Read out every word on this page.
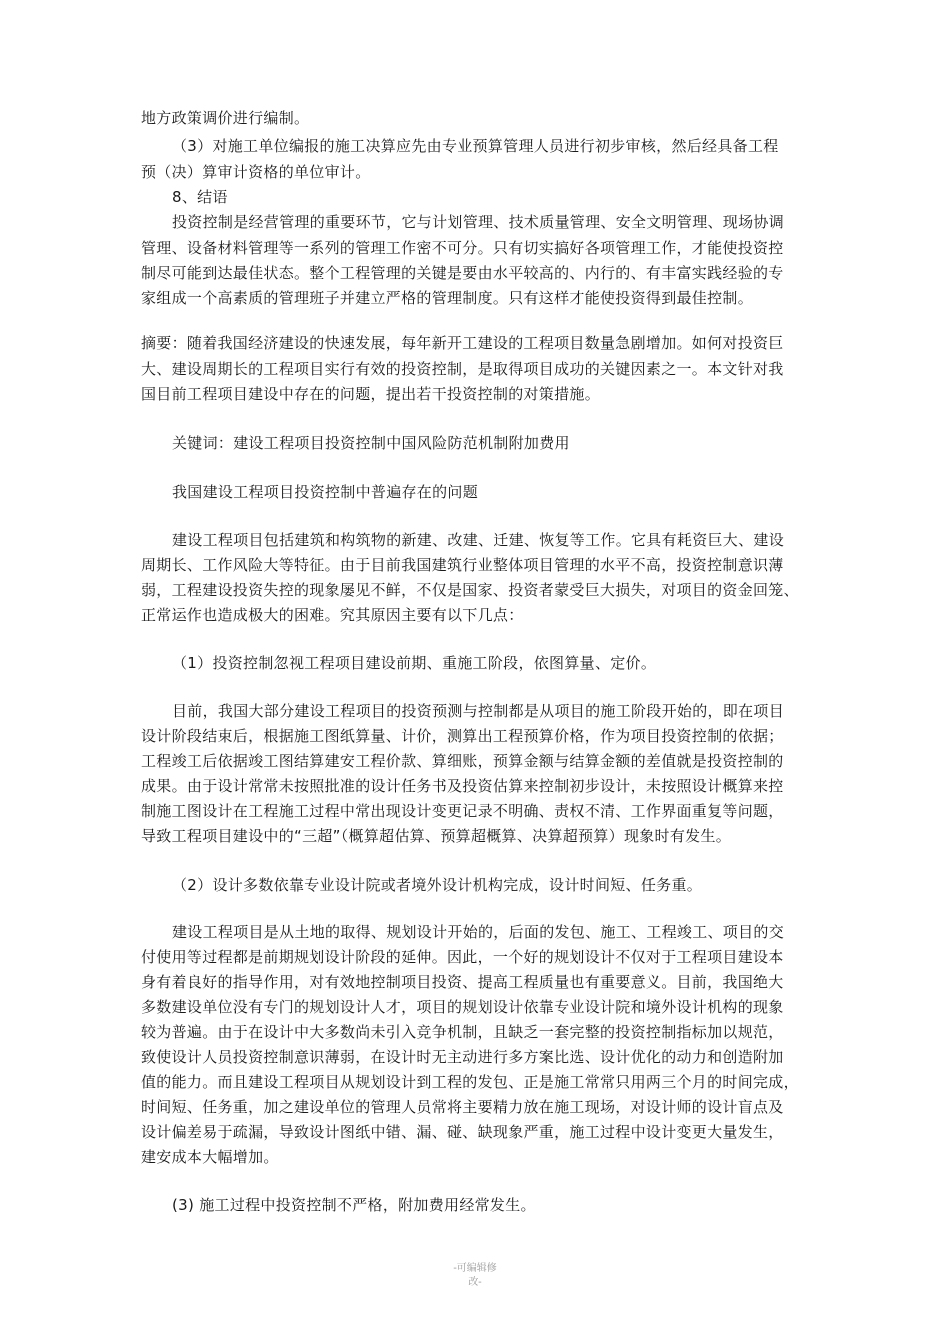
地方政策调价进行编制。
（3）对施工单位编报的施工决算应先由专业预算管理人员进行初步审核，然后经具备工程
预（决）算审计资格的单位审计。
8、结语
投资控制是经营管理的重要环节，它与计划管理、技术质量管理、安全文明管理、现场协调
管理、设备材料管理等一系列的管理工作密不可分。只有切实搞好各项管理工作，才能使投资控
制尽可能到达最佳状态。整个工程管理的关键是要由水平较高的、内行的、有丰富实践经验的专
家组成一个高素质的管理班子并建立严格的管理制度。只有这样才能使投资得到最佳控制。
摘要：随着我国经济建设的快速发展，每年新开工建设的工程项目数量急剧增加。如何对投资巨
大、建设周期长的工程项目实行有效的投资控制，是取得项目成功的关键因素之一。本文针对我
国目前工程项目建设中存在的问题，提出若干投资控制的对策措施。
关键词：建设工程项目投资控制中国风险防范机制附加费用
我国建设工程项目投资控制中普遍存在的问题
建设工程项目包括建筑和构筑物的新建、改建、迁建、恢复等工作。它具有耗资巨大、建设
周期长、工作风险大等特征。由于目前我国建筑行业整体项目管理的水平不高，投资控制意识薄
弱，工程建设投资失控的现象屡见不鲜，不仅是国家、投资者蒙受巨大损失，对项目的资金回笼、
正常运作也造成极大的困难。究其原因主要有以下几点：
（1）投资控制忽视工程项目建设前期、重施工阶段，依图算量、定价。
目前，我国大部分建设工程项目的投资预测与控制都是从项目的施工阶段开始的，即在项目
设计阶段结束后，根据施工图纸算量、计价，测算出工程预算价格，作为项目投资控制的依据；
工程竣工后依据竣工图结算建安工程价款、算细账，预算金额与结算金额的差值就是投资控制的
成果。由于设计常常未按照批准的设计任务书及投资估算来控制初步设计，未按照设计概算来控
制施工图设计在工程施工过程中常出现设计变更记录不明确、责权不清、工作界面重复等问题，
导致工程项目建设中的“三超”（概算超估算、预算超概算、决算超预算）现象时有发生。
（2）设计多数依靠专业设计院或者境外设计机构完成，设计时间短、任务重。
建设工程项目是从土地的取得、规划设计开始的，后面的发包、施工、工程竣工、项目的交
付使用等过程都是前期规划设计阶段的延伸。因此，一个好的规划设计不仅对于工程项目建设本
身有着良好的指导作用，对有效地控制项目投资、提高工程质量也有重要意义。目前，我国绝大
多数建设单位没有专门的规划设计人才，项目的规划设计依靠专业设计院和境外设计机构的现象
较为普遍。由于在设计中大多数尚未引入竞争机制，且缺乏一套完整的投资控制指标加以规范，
致使设计人员投资控制意识薄弱，在设计时无主动进行多方案比选、设计优化的动力和创造附加
值的能力。而且建设工程项目从规划设计到工程的发包、正是施工常常只用两三个月的时间完成，
时间短、任务重，加之建设单位的管理人员常将主要精力放在施工现场，对设计师的设计盲点及
设计偏差易于疏漏，导致设计图纸中错、漏、碰、缺现象严重，施工过程中设计变更大量发生，
建安成本大幅增加。
(3) 施工过程中投资控制不严格，附加费用经常发生。
-可编辑修
改-
